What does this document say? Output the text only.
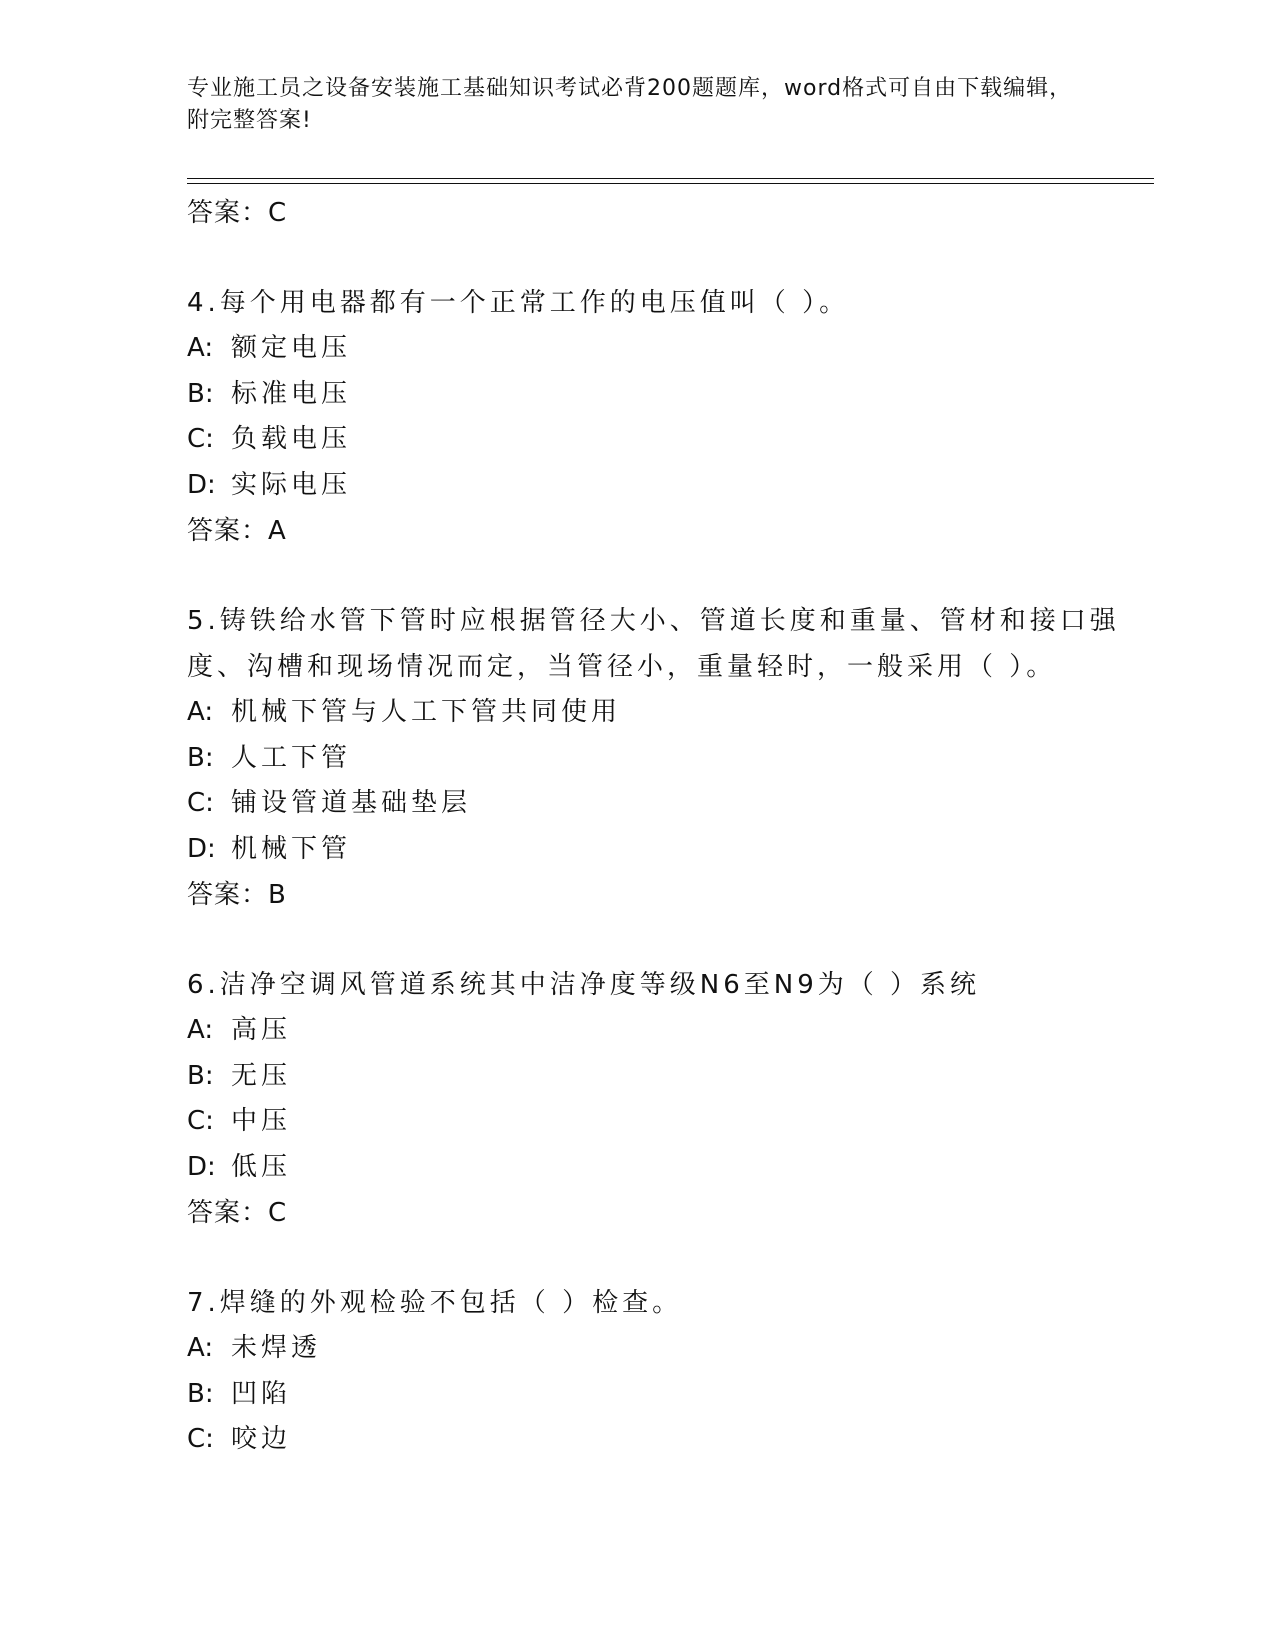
专业施工员之设备安装施工基础知识考试必背200题题库，word格式可自由下载编辑，附完整答案!
答案：C
4.每个用电器都有一个正常工作的电压值叫（ ）。
A: 额定电压
B: 标准电压
C: 负载电压
D: 实际电压
答案：A
5.铸铁给水管下管时应根据管径大小、管道长度和重量、管材和接口强度、沟槽和现场情况而定，当管径小，重量轻时，一般采用（ ）。
A: 机械下管与人工下管共同使用
B: 人工下管
C: 铺设管道基础垫层
D: 机械下管
答案：B
6.洁净空调风管道系统其中洁净度等级N6至N9为（ ）系统
A: 高压
B: 无压
C: 中压
D: 低压
答案：C
7.焊缝的外观检验不包括（ ）检查。
A: 未焊透
B: 凹陷
C: 咬边
